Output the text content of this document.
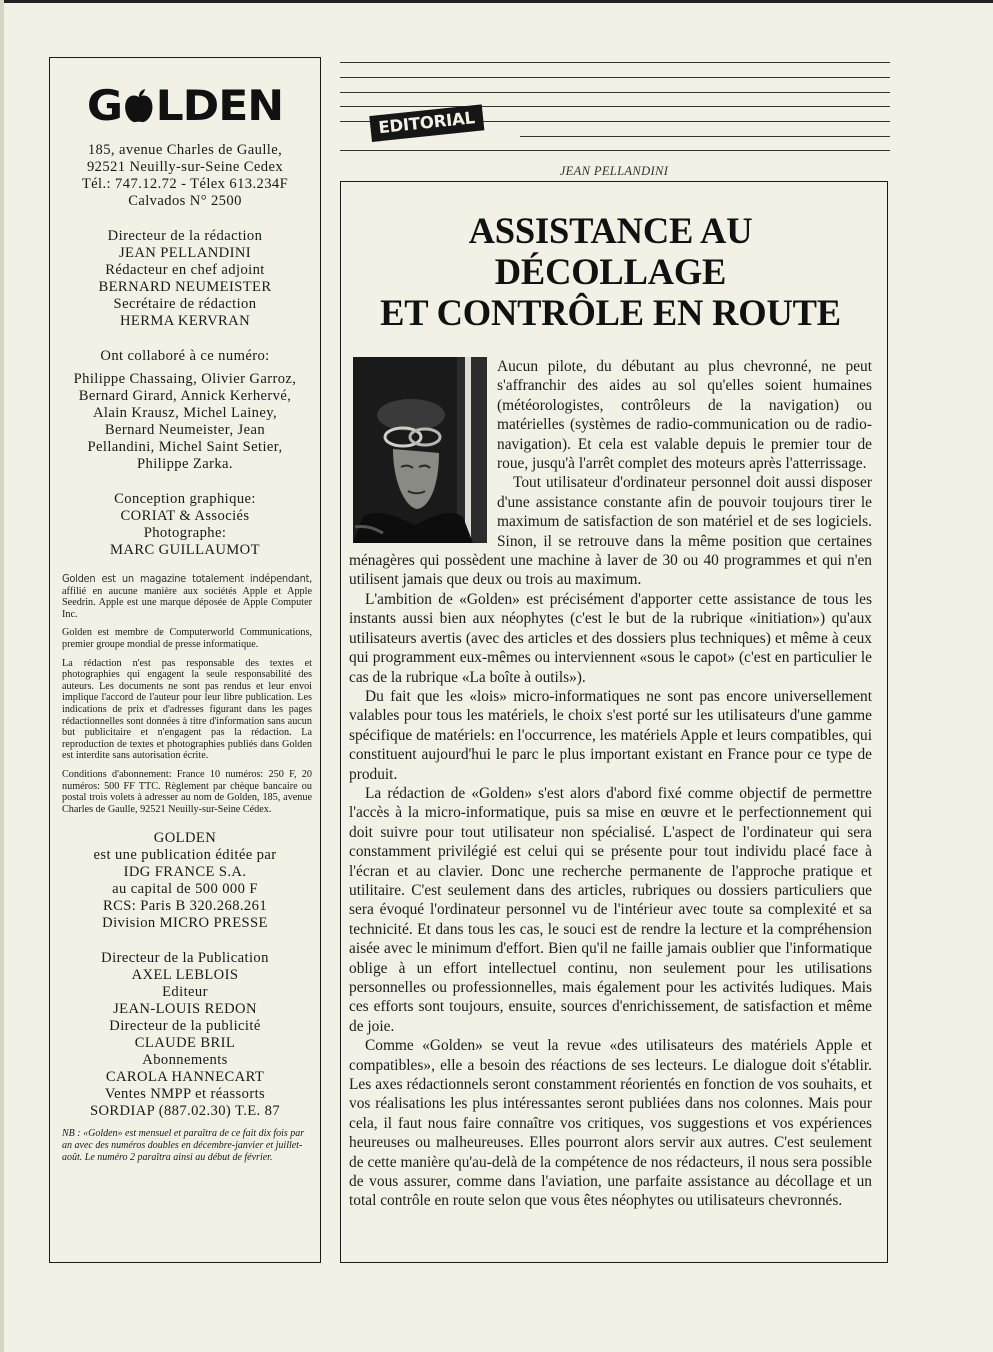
G LDEN
185, avenue Charles de Gaulle,
92521 Neuilly-sur-Seine Cedex
Tél.: 747.12.72 - Télex 613.234F
Calvados N° 2500
Directeur de la rédaction
JEAN PELLANDINI
Rédacteur en chef adjoint
BERNARD NEUMEISTER
Secrétaire de rédaction
HERMA KERVRAN
Ont collaboré à ce numéro:
Philippe Chassaing, Olivier Garroz,
Bernard Girard, Annick Kerhervé,
Alain Krausz, Michel Lainey,
Bernard Neumeister, Jean
Pellandini, Michel Saint Setier,
Philippe Zarka.
Conception graphique:
CORIAT & Associés
Photographe:
MARC GUILLAUMOT

Golden est un magazine totalement indépendant, affilié en aucune manière aux sociétés Apple et Apple Seedrin. Apple est une marque déposée de Apple Computer Inc.

Golden est membre de Computerworld Communications, premier groupe mondial de presse informatique.

La rédaction n'est pas responsable des textes et photographies qui engagent la seule responsabilité des auteurs. Les documents ne sont pas rendus et leur envoi implique l'accord de l'auteur pour leur libre publication. Les indications de prix et d'adresses figurant dans les pages rédactionnelles sont données à titre d'information sans aucun but publicitaire et n'engagent pas la rédaction. La reproduction de textes et photographies publiés dans Golden est interdite sans autorisation écrite.

Conditions d'abonnement: France 10 numéros: 250 F, 20 numéros: 500 FF TTC. Règlement par chèque bancaire ou postal trois volets à adresser au nom de Golden, 185, avenue Charles de Gaulle, 92521 Neuilly-sur-Seine Cédex.

GOLDEN
est une publication éditée par
IDG FRANCE S.A.
au capital de 500 000 F
RCS: Paris B 320.268.261
Division MICRO PRESSE
Directeur de la Publication
AXEL LEBLOIS
Editeur
JEAN-LOUIS REDON
Directeur de la publicité
CLAUDE BRIL
Abonnements
CAROLA HANNECART
Ventes NMPP et réassorts
SORDIAP (887.02.30) T.E. 87
NB : «Golden» est mensuel et paraîtra de ce fait dix fois par an avec des numéros doubles en décembre-janvier et juillet-août. Le numéro 2 paraîtra ainsi au début de février.
EDITORIAL
JEAN PELLANDINI
ASSISTANCE AU DÉCOLLAGE
ET CONTRÔLE EN ROUTE

Aucun pilote, du débutant au plus chevronné, ne peut s'affranchir des aides au sol qu'elles soient humaines (météorologistes, contrôleurs de la navigation) ou matérielles (systèmes de radio-communication ou de radio-navigation). Et cela est valable depuis le premier tour de roue, jusqu'à l'arrêt complet des moteurs après l'atterrissage.

Tout utilisateur d'ordinateur personnel doit aussi disposer d'une assistance constante afin de pouvoir toujours tirer le maximum de satisfaction de son matériel et de ses logiciels. Sinon, il se retrouve dans la même position que certaines ménagères qui possèdent une machine à laver de 30 ou 40 programmes et qui n'en utilisent jamais que deux ou trois au maximum.

L'ambition de «Golden» est précisément d'apporter cette assistance de tous les instants aussi bien aux néophytes (c'est le but de la rubrique «initiation») qu'aux utilisateurs avertis (avec des articles et des dossiers plus techniques) et même à ceux qui programment eux-mêmes ou interviennent «sous le capot» (c'est en particulier le cas de la rubrique «La boîte à outils»).

Du fait que les «lois» micro-informatiques ne sont pas encore universellement valables pour tous les matériels, le choix s'est porté sur les utilisateurs d'une gamme spécifique de matériels: en l'occurrence, les matériels Apple et leurs compatibles, qui constituent aujourd'hui le parc le plus important existant en France pour ce type de produit.

La rédaction de «Golden» s'est alors d'abord fixé comme objectif de permettre l'accès à la micro-informatique, puis sa mise en œuvre et le perfectionnement qui doit suivre pour tout utilisateur non spécialisé. L'aspect de l'ordinateur qui sera constamment privilégié est celui qui se présente pour tout individu placé face à l'écran et au clavier. Donc une recherche permanente de l'approche pratique et utilitaire. C'est seulement dans des articles, rubriques ou dossiers particuliers que sera évoqué l'ordinateur personnel vu de l'intérieur avec toute sa complexité et sa technicité. Et dans tous les cas, le souci est de rendre la lecture et la compréhension aisée avec le minimum d'effort. Bien qu'il ne faille jamais oublier que l'informatique oblige à un effort intellectuel continu, non seulement pour les utilisations personnelles ou professionnelles, mais également pour les activités ludiques. Mais ces efforts sont toujours, ensuite, sources d'enrichissement, de satisfaction et même de joie.

Comme «Golden» se veut la revue «des utilisateurs des matériels Apple et compatibles», elle a besoin des réactions de ses lecteurs. Le dialogue doit s'établir. Les axes rédactionnels seront constamment réorientés en fonction de vos souhaits, et vos réalisations les plus intéressantes seront publiées dans nos colonnes. Mais pour cela, il faut nous faire connaître vos critiques, vos suggestions et vos expériences heureuses ou malheureuses. Elles pourront alors servir aux autres. C'est seulement de cette manière qu'au-delà de la compétence de nos rédacteurs, il nous sera possible de vous assurer, comme dans l'aviation, une parfaite assistance au décollage et un total contrôle en route selon que vous êtes néophytes ou utilisateurs chevronnés.
